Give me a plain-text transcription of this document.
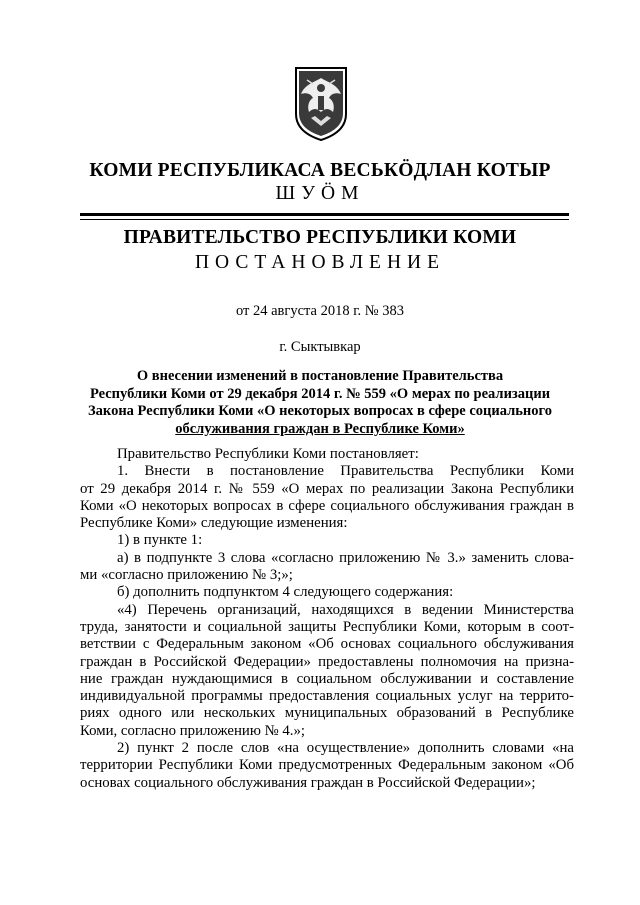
КОМИ РЕСПУБЛИКАСА ВЕСЬКÖДЛАН КОТЫР
ШУÖМ
ПРАВИТЕЛЬСТВО РЕСПУБЛИКИ КОМИ
ПОСТАНОВЛЕНИЕ
от 24 августа 2018 г. № 383
г. Сыктывкар
О внесении изменений в постановление Правительства
Республики Коми от 29 декабря 2014 г. № 559 «О мерах по реализации
Закона Республики Коми «О некоторых вопросах в сфере социального
обслуживания граждан в Республике Коми»

Правительство Республики Коми постановляет:

1. Внести в постановление Правительства Республики Коми

от 29 декабря 2014 г. № 559 «О мерах по реализации Закона Республики

Коми «О некоторых вопросах в сфере социального обслуживания граждан в

Республике Коми» следующие изменения:

1) в пункте 1:

а) в подпункте 3 слова «согласно приложению № 3.» заменить слова-

ми «согласно приложению № 3;»;

б) дополнить подпунктом 4 следующего содержания:

«4) Перечень организаций, находящихся в ведении Министерства

труда, занятости и социальной защиты Республики Коми, которым в соот-

ветствии с Федеральным законом «Об основах социального обслуживания

граждан в Российской Федерации» предоставлены полномочия на призна-

ние граждан нуждающимися в социальном обслуживании и составление

индивидуальной программы предоставления социальных услуг на террито-

риях одного или нескольких муниципальных образований в Республике

Коми, согласно приложению № 4.»;

2) пункт 2 после слов «на осуществление» дополнить словами «на

территории Республики Коми предусмотренных Федеральным законом «Об

основах социального обслуживания граждан в Российской Федерации»;
